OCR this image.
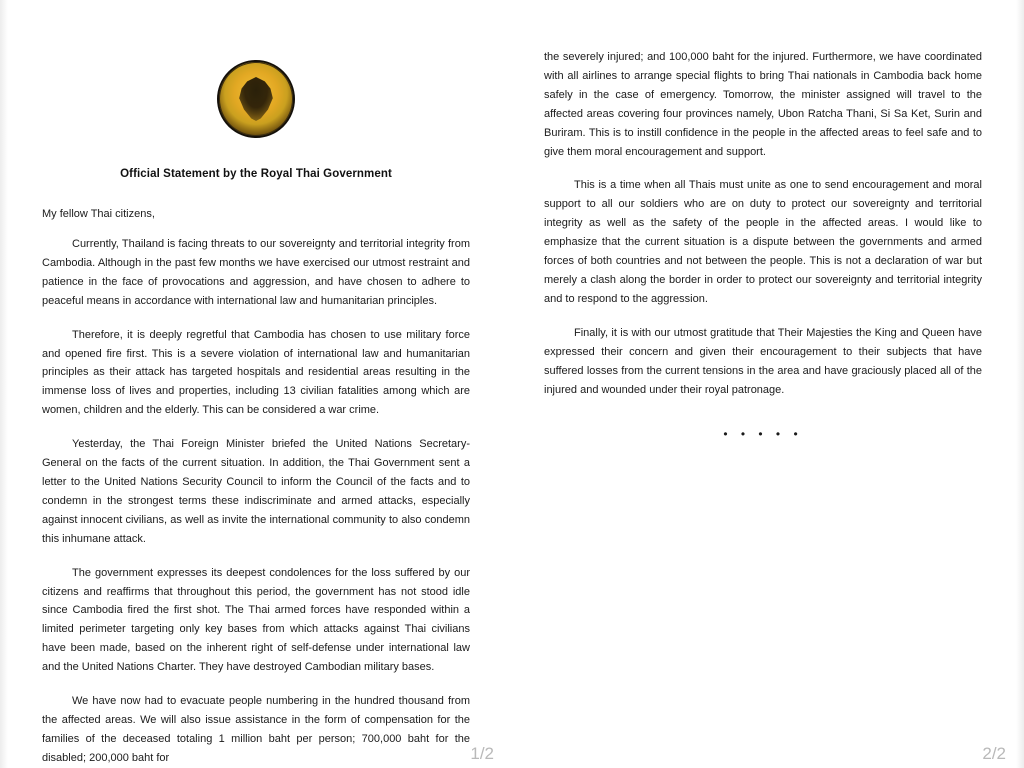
Official Statement by the Royal Thai Government
My fellow Thai citizens,

Currently, Thailand is facing threats to our sovereignty and territorial integrity from Cambodia. Although in the past few months we have exercised our utmost restraint and patience in the face of provocations and aggression, and have chosen to adhere to peaceful means in accordance with international law and humanitarian principles.

Therefore, it is deeply regretful that Cambodia has chosen to use military force and opened fire first. This is a severe violation of international law and humanitarian principles as their attack has targeted hospitals and residential areas resulting in the immense loss of lives and properties, including 13 civilian fatalities among which are women, children and the elderly. This can be considered a war crime.

Yesterday, the Thai Foreign Minister briefed the United Nations Secretary-General on the facts of the current situation. In addition, the Thai Government sent a letter to the United Nations Security Council to inform the Council of the facts and to condemn in the strongest terms these indiscriminate and armed attacks, especially against innocent civilians, as well as invite the international community to also condemn this inhumane attack.

The government expresses its deepest condolences for the loss suffered by our citizens and reaffirms that throughout this period, the government has not stood idle since Cambodia fired the first shot. The Thai armed forces have responded within a limited perimeter targeting only key bases from which attacks against Thai civilians have been made, based on the inherent right of self-defense under international law and the United Nations Charter. They have destroyed Cambodian military bases.

We have now had to evacuate people numbering in the hundred thousand from the affected areas. We will also issue assistance in the form of compensation for the families of the deceased totaling 1 million baht per person; 700,000 baht for the disabled; 200,000 baht for	1/2

the severely injured; and 100,000 baht for the injured. Furthermore, we have coordinated with all airlines to arrange special flights to bring Thai nationals in Cambodia back home safely in the case of emergency. Tomorrow, the minister assigned will travel to the affected areas covering four provinces namely, Ubon Ratcha Thani, Si Sa Ket, Surin and Buriram. This is to instill confidence in the people in the affected areas to feel safe and to give them moral encouragement and support.

This is a time when all Thais must unite as one to send encouragement and moral support to all our soldiers who are on duty to protect our sovereignty and territorial integrity as well as the safety of the people in the affected areas. I would like to emphasize that the current situation is a dispute between the governments and armed forces of both countries and not between the people. This is not a declaration of war but merely a clash along the border in order to protect our sovereignty and territorial integrity and to respond to the aggression.

Finally, it is with our utmost gratitude that Their Majesties the King and Queen have expressed their concern and given their encouragement to their subjects that have suffered losses from the current tensions in the area and have graciously placed all of the injured and wounded under their royal patronage.

• • • • •
2/2
